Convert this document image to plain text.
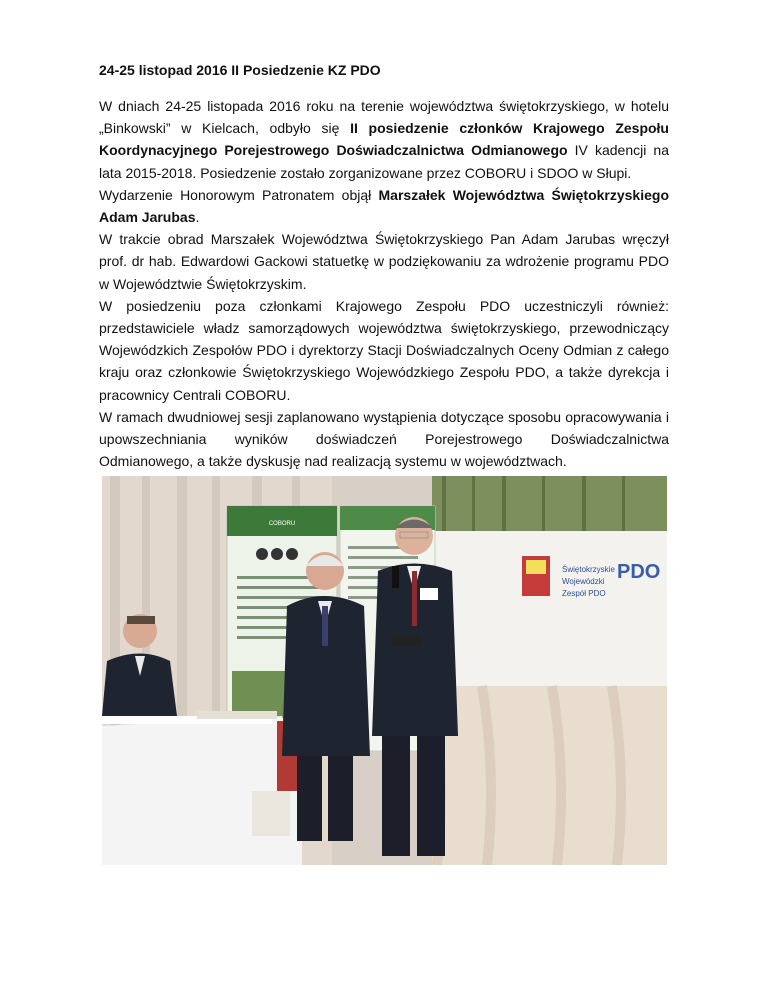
24-25 listopad 2016 II Posiedzenie KZ PDO

W dniach 24-25 listopada 2016 roku na terenie województwa świętokrzyskiego, w hotelu „Binkowski” w Kielcach, odbyło się II posiedzenie członków Krajowego Zespołu Koordynacyjnego Porejestrowego Doświadczalnictwa Odmianowego IV kadencji na lata 2015-2018. Posiedzenie zostało zorganizowane przez COBORU i SDOO w Słupi.

Wydarzenie Honorowym Patronatem objął Marszałek Województwa Świętokrzyskiego Adam Jarubas.

W trakcie obrad Marszałek Województwa Świętokrzyskiego Pan Adam Jarubas wręczył prof. dr hab. Edwardowi Gackowi statuetkę w podziękowaniu za wdrożenie programu PDO w Województwie Świętokrzyskim.

W posiedzeniu poza członkami Krajowego Zespołu PDO uczestniczyli również: przedstawiciele władz samorządowych województwa świętokrzyskiego, przewodniczący Wojewódzkich Zespołów PDO i dyrektorzy Stacji Doświadczalnych Oceny Odmian z całego kraju oraz członkowie Świętokrzyskiego Wojewódzkiego Zespołu PDO, a także dyrekcja i pracownicy Centrali COBORU.

W ramach dwudniowej sesji zaplanowano wystąpienia dotyczące sposobu opracowywania i upowszechniania wyników doświadczeń Porejestrowego Doświadczalnictwa Odmianowego, a także dyskusję nad realizacją systemu w województwach.

Świętokrzyskie
Wojewódzki
Zespół PDO
PDO
COBORU
